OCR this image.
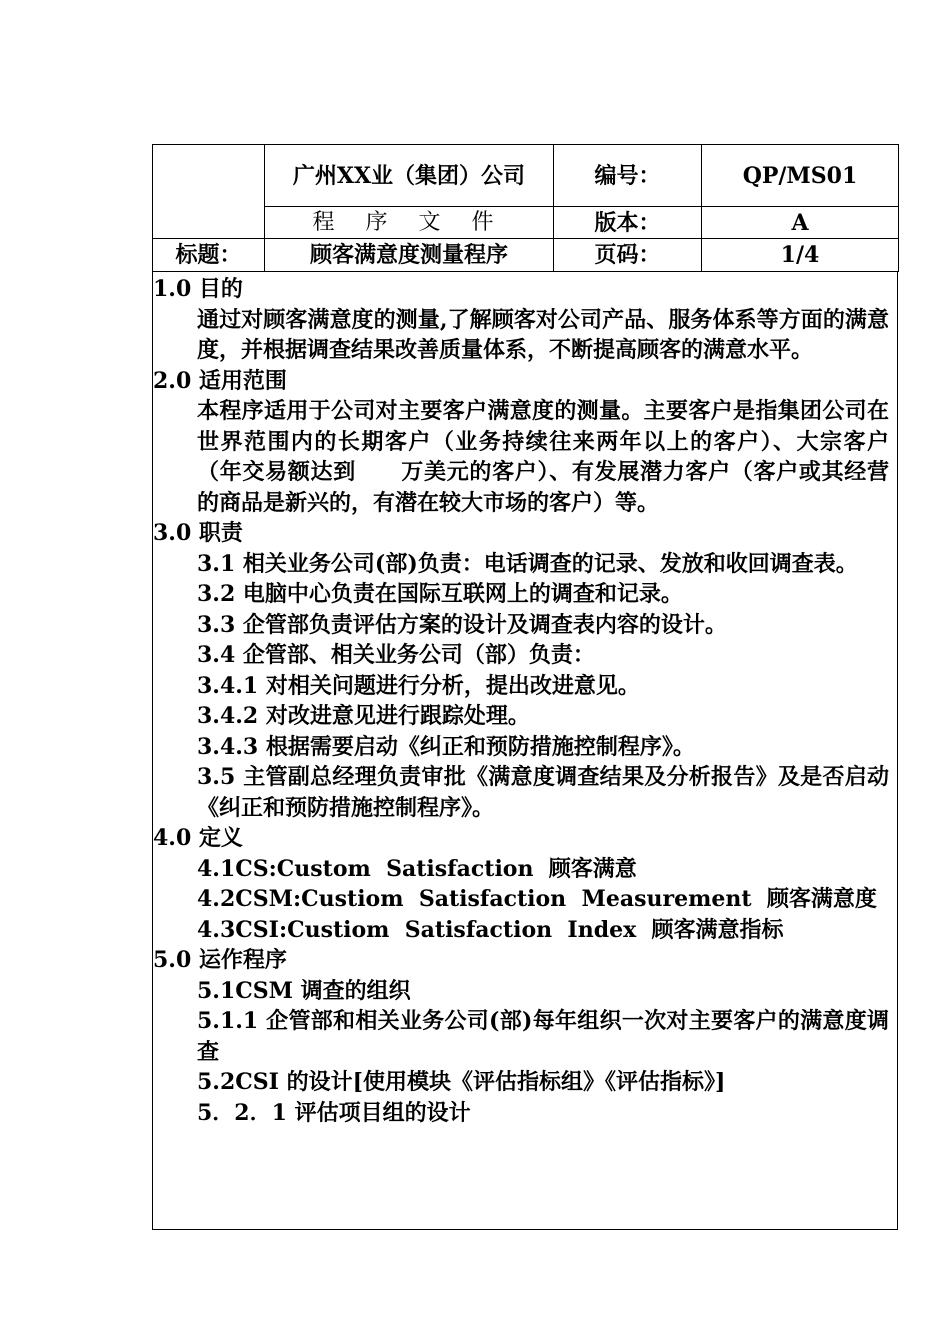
	广州XX业（集团）公司	编号：	QP/MS01
	程 序 文 件	版本：	A
标题：	顾客满意度测量程序	页码：	1/4

1.0 目的

通过对顾客满意度的测量,了解顾客对公司产品、服务体系等方面的满意度，并根据调查结果改善质量体系，不断提高顾客的满意水平。

2.0 适用范围

本程序适用于公司对主要客户满意度的测量。主要客户是指集团公司在世界范围内的长期客户（业务持续往来两年以上的客户）、大宗客户（年交易额达到　　万美元的客户）、有发展潜力客户（客户或其经营的商品是新兴的，有潜在较大市场的客户）等。

3.0 职责

3.1 相关业务公司(部)负责：电话调查的记录、发放和收回调查表。

3.2 电脑中心负责在国际互联网上的调查和记录。

3.3 企管部负责评估方案的设计及调查表内容的设计。

3.4 企管部、相关业务公司（部）负责：

3.4.1 对相关问题进行分析，提出改进意见。

3.4.2 对改进意见进行跟踪处理。

3.4.3 根据需要启动《纠正和预防措施控制程序》。

3.5 主管副总经理负责审批《满意度调查结果及分析报告》及是否启动《纠正和预防措施控制程序》。

4.0 定义

4.1CS:Custom  Satisfaction  顾客满意

4.2CSM:Custiom  Satisfaction  Measurement  顾客满意度

4.3CSI:Custiom  Satisfaction  Index  顾客满意指标

5.0 运作程序

5.1CSM 调查的组织

5.1.1 企管部和相关业务公司(部)每年组织一次对主要客户的满意度调查

5.2CSI 的设计[使用模块《评估指标组》《评估指标》]

5．2．1 评估项目组的设计
